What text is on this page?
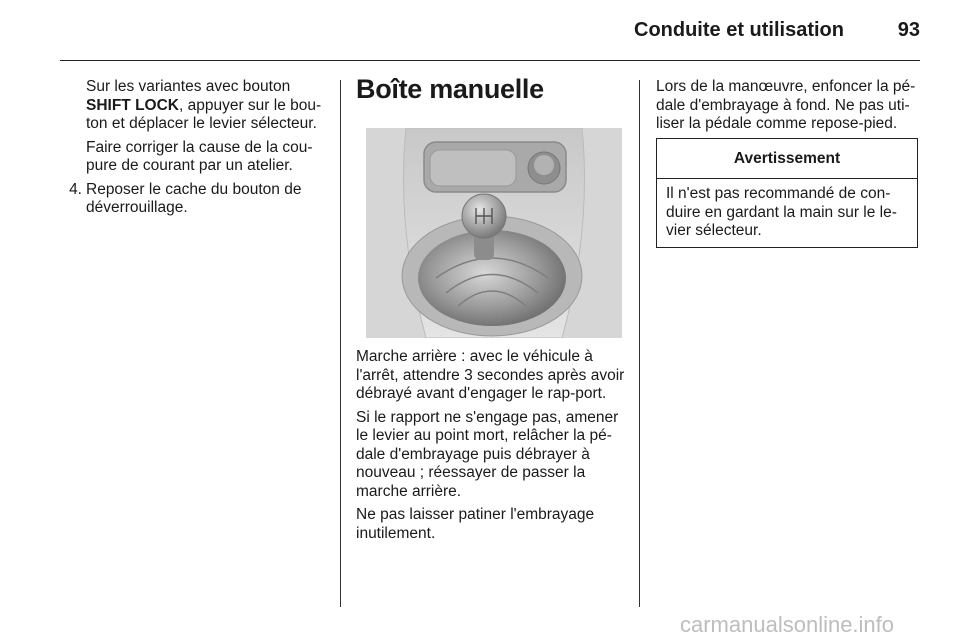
Conduite et utilisation	93

Sur les variantes avec bouton
SHIFT LOCK, appuyer sur le bou-ton et déplacer le levier sélecteur.

Faire corriger la cause de la cou-pure de courant par un atelier.

4. Reposer le cache du bouton de déverrouillage.
Boîte manuelle

Marche arrière : avec le véhicule à l'arrêt, attendre 3 secondes après avoir débrayé avant d'engager le rap-port.

Si le rapport ne s'engage pas, amener le levier au point mort, relâcher la pé-dale d'embrayage puis débrayer à nouveau ; réessayer de passer la marche arrière.

Ne pas laisser patiner l'embrayage inutilement.

Lors de la manœuvre, enfoncer la pé-dale d'embrayage à fond. Ne pas uti-liser la pédale comme repose-pied.

Avertissement
Il n'est pas recommandé de con-duire en gardant la main sur le le-vier sélecteur.
carmanualsonline.info
